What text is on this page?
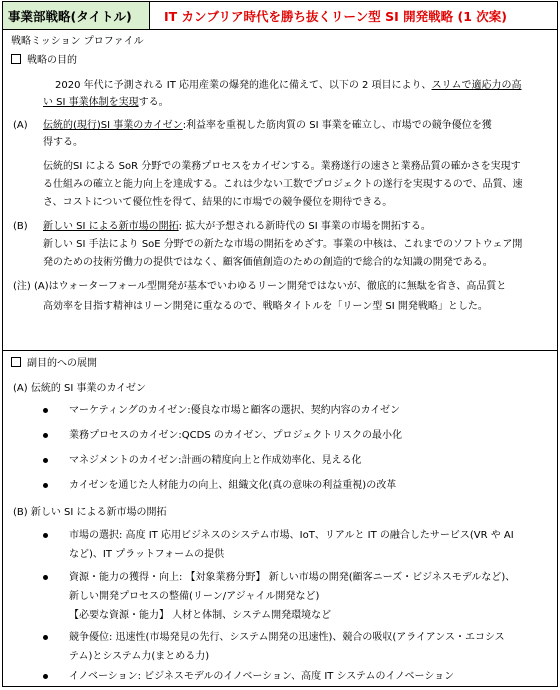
事業部戦略(タイトル)	IT カンブリア時代を勝ち抜くリーン型 SI 開発戦略 (1 次案)
戦略ミッション プロファイル
戦略の目的
2020 年代に予測される IT 応用産業の爆発的進化に備えて、以下の 2 項目により、スリムで適応力の高
い SI 事業体制を実現する。
(A) 伝統的(現行)SI 事業のカイゼン:利益率を重視した筋肉質の SI 事業を確立し、市場での競争優位を獲
得する。
伝統的SI による SoR 分野での業務プロセスをカイゼンする。業務遂行の速さと業務品質の確かさを実現す
る仕組みの確立と能力向上を達成する。これは少ない工数でプロジェクトの遂行を実現するので、品質、速
さ、コストについて優位性を得て、結果的に市場での競争優位を期待できる。
(B) 新しい SI による新市場の開拓: 拡大が予想される新時代の SI 事業の市場を開拓する。
新しい SI 手法により SoE 分野での新たな市場の開拓をめざす。事業の中核は、これまでのソフトウェア開
発のための技術労働力の提供ではなく、顧客価値創造のための創造的で総合的な知識の開発である。
(注) (A)はウォーターフォール型開発が基本でいわゆるリーン開発ではないが、徹底的に無駄を省き、高品質と
高効率を目指す精神はリーン開発に重なるので、戦略タイトルを「リーン型 SI 開発戦略」とした。
副目的への展開
(A) 伝統的 SI 事業のカイゼン
マーケティングのカイゼン:優良な市場と顧客の選択、契約内容のカイゼン
業務プロセスのカイゼン:QCDS のカイゼン、プロジェクトリスクの最小化
マネジメントのカイゼン:計画の精度向上と作成効率化、見える化
カイゼンを通じた人材能力の向上、組織文化(真の意味の利益重視)の改革
(B) 新しい SI による新市場の開拓
市場の選択: 高度 IT 応用ビジネスのシステム市場、IoT、リアルと IT の融合したサービス(VR や AI
など)、IT プラットフォームの提供
資源・能力の獲得・向上: 【対象業務分野】 新しい市場の開発(顧客ニーズ・ビジネスモデルなど)、
新しい開発プロセスの整備(リーン/アジャイル開発など)
【必要な資源・能力】 人材と体制、システム開発環境など
競争優位: 迅速性(市場発見の先行、システム開発の迅速性)、競合の吸収(アライアンス・エコシス
テム)とシステム力(まとめる力)
イノベーション: ビジネスモデルのイノベーション、高度 IT システムのイノベーション
